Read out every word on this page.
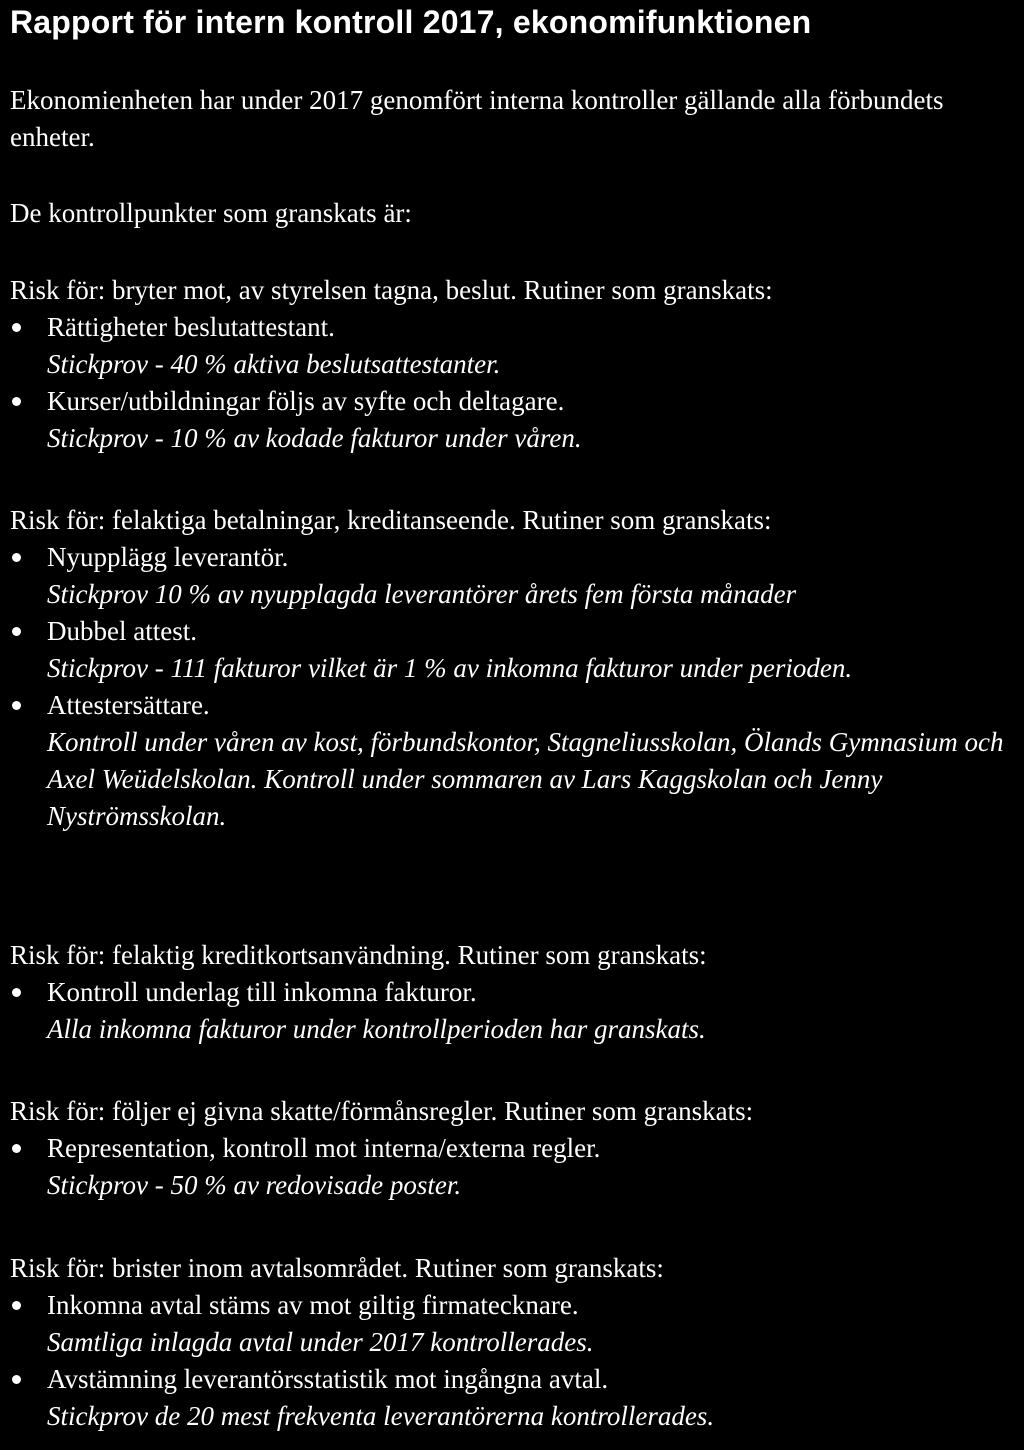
Rapport för intern kontroll 2017, ekonomifunktionen

Ekonomienheten har under 2017 genomfört interna kontroller gällande alla förbundets enheter.

De kontrollpunkter som granskats är:

Risk för: bryter mot, av styrelsen tagna, beslut. Rutiner som granskats:

Rättigheter beslutattestant.
Stickprov - 40 % aktiva beslutsattestanter.
Kurser/utbildningar följs av syfte och deltagare.
Stickprov - 10 % av kodade fakturor under våren.

Risk för: felaktiga betalningar, kreditanseende. Rutiner som granskats:

Nyupplägg leverantör.
Stickprov 10 % av nyupplagda leverantörer årets fem första månader
Dubbel attest.
Stickprov - 111 fakturor vilket är 1 % av inkomna fakturor under perioden.
Attestersättare.
Kontroll under våren av kost, förbundskontor, Stagneliusskolan, Ölands Gymnasium och Axel Weüdelskolan. Kontroll under sommaren av Lars Kaggskolan och Jenny Nyströmsskolan.

Risk för: felaktig kreditkortsanvändning. Rutiner som granskats:

Kontroll underlag till inkomna fakturor.
Alla inkomna fakturor under kontrollperioden har granskats.

Risk för: följer ej givna skatte/förmånsregler. Rutiner som granskats:

Representation, kontroll mot interna/externa regler.
Stickprov - 50 % av redovisade poster.

Risk för: brister inom avtalsområdet. Rutiner som granskats:

Inkomna avtal stäms av mot giltig firmatecknare.
Samtliga inlagda avtal under 2017 kontrollerades.
Avstämning leverantörsstatistik mot ingångna avtal.
Stickprov de 20 mest frekventa leverantörerna kontrollerades.
